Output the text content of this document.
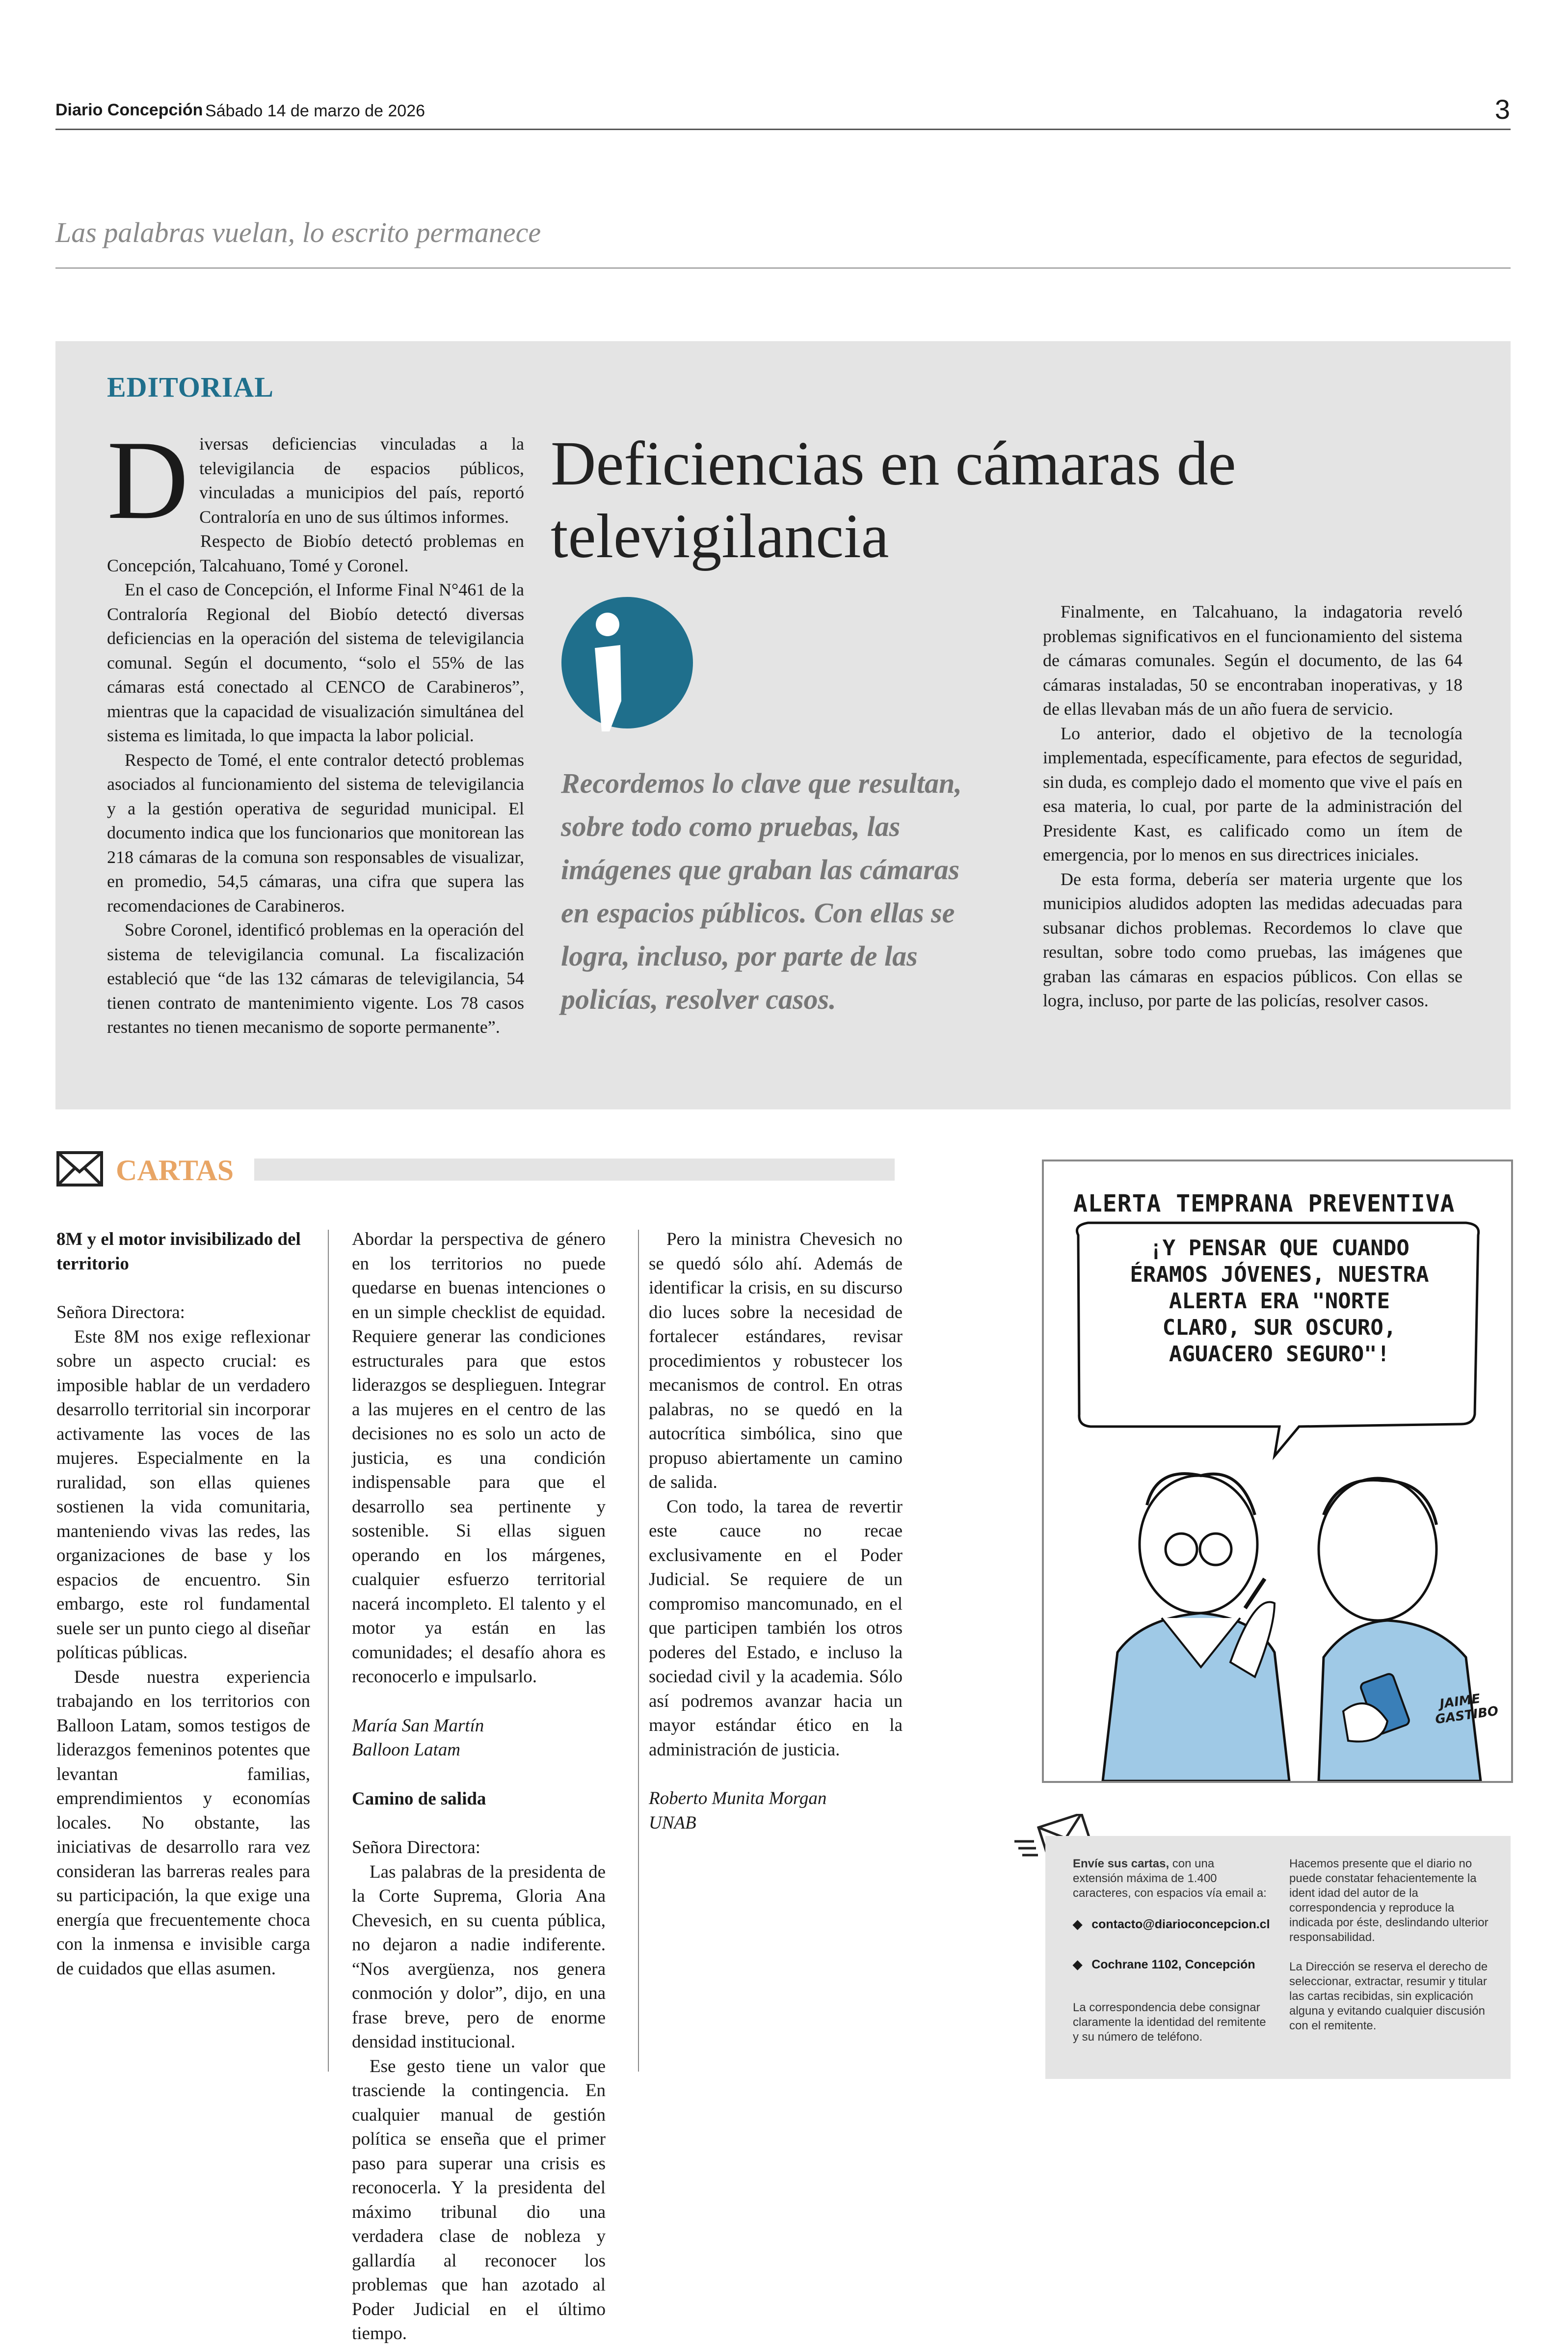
Diario Concepción Sábado 14 de marzo de 2026	3
Las palabras vuelan, lo escrito permanece
EDITORIAL

Diversas deficiencias vinculadas a la televigilancia de espacios públicos, vinculadas a municipios del país, reportó Contraloría en uno de sus últimos informes.

Respecto de Biobío detectó problemas en Concepción, Talcahuano, Tomé y Coronel.

En el caso de Concepción, el Informe Final N°461 de la Contraloría Regional del Biobío detectó diversas deficiencias en la operación del sistema de televigilancia comunal. Según el documento, “solo el 55% de las cámaras está conectado al CENCO de Carabineros”, mientras que la capacidad de visualización simultánea del sistema es limitada, lo que impacta la labor policial.

Respecto de Tomé, el ente contralor detectó problemas asociados al funcionamiento del sistema de televigilancia y a la gestión operativa de seguridad municipal. El documento indica que los funcionarios que monitorean las 218 cámaras de la comuna son responsables de visualizar, en promedio, 54,5 cámaras, una cifra que supera las recomendaciones de Carabineros.

Sobre Coronel, identificó problemas en la operación del sistema de televigilancia comunal. La fiscalización estableció que “de las 132 cámaras de televigilancia, 54 tienen contrato de mantenimiento vigente. Los 78 casos restantes no tienen mecanismo de soporte permanente”.

Deficiencias en cámaras de televigilancia
Recordemos lo clave que resultan, sobre todo como pruebas, las imágenes que graban las cámaras en espacios públicos. Con ellas se logra, incluso, por parte de las policías, resolver casos.

Finalmente, en Talcahuano, la indagatoria reveló problemas significativos en el funcionamiento del sistema de cámaras comunales. Según el documento, de las 64 cámaras instaladas, 50 se encontraban inoperativas, y 18 de ellas llevaban más de un año fuera de servicio.

Lo anterior, dado el objetivo de la tecnología implementada, específicamente, para efectos de seguridad, sin duda, es complejo dado el momento que vive el país en esa materia, lo cual, por parte de la administración del Presidente Kast, es calificado como un ítem de emergencia, por lo menos en sus directrices iniciales.

De esta forma, debería ser materia urgente que los municipios aludidos adopten las medidas adecuadas para subsanar dichos problemas. Recordemos lo clave que resultan, sobre todo como pruebas, las imágenes que graban las cámaras en espacios públicos. Con ellas se logra, incluso, por parte de las policías, resolver casos.

CARTAS

8M y el motor invisibilizado del territorio

Señora Directora:

Este 8M nos exige reflexionar sobre un aspecto crucial: es imposible hablar de un verdadero desarrollo territorial sin incorporar activamente las voces de las mujeres. Especialmente en la ruralidad, son ellas quienes sostienen la vida comunitaria, manteniendo vivas las redes, las organizaciones de base y los espacios de encuentro. Sin embargo, este rol fundamental suele ser un punto ciego al diseñar políticas públicas.

Desde nuestra experiencia trabajando en los territorios con Balloon Latam, somos testigos de liderazgos femeninos potentes que levantan familias, emprendimientos y economías locales. No obstante, las iniciativas de desarrollo rara vez consideran las barreras reales para su participación, la que exige una energía que frecuentemente choca con la inmensa e invisible carga de cuidados que ellas asumen.

Abordar la perspectiva de género en los territorios no puede quedarse en buenas intenciones o en un simple checklist de equidad. Requiere generar las condiciones estructurales para que estos liderazgos se desplieguen. Integrar a las mujeres en el centro de las decisiones no es solo un acto de justicia, es una condición indispensable para que el desarrollo sea pertinente y sostenible. Si ellas siguen operando en los márgenes, cualquier esfuerzo territorial nacerá incompleto. El talento y el motor ya están en las comunidades; el desafío ahora es reconocerlo e impulsarlo.

María San Martín

Balloon Latam

Camino de salida

Señora Directora:

Las palabras de la presidenta de la Corte Suprema, Gloria Ana Chevesich, en su cuenta pública, no dejaron a nadie indiferente. “Nos avergüenza, nos genera conmoción y dolor”, dijo, en una frase breve, pero de enorme densidad institucional.

Ese gesto tiene un valor que trasciende la contingencia. En cualquier manual de gestión política se enseña que el primer paso para superar una crisis es reconocerla. Y la presidenta del máximo tribunal dio una verdadera clase de nobleza y gallardía al reconocer los problemas que han azotado al Poder Judicial en el último tiempo.

Pero la ministra Chevesich no se quedó sólo ahí. Además de identificar la crisis, en su discurso dio luces sobre la necesidad de fortalecer estándares, revisar procedimientos y robustecer los mecanismos de control. En otras palabras, no se quedó en la autocrítica simbólica, sino que propuso abiertamente un camino de salida.

Con todo, la tarea de revertir este cauce no recae exclusivamente en el Poder Judicial. Se requiere de un compromiso mancomunado, en el que participen también los otros poderes del Estado, e incluso la sociedad civil y la academia. Sólo así podremos avanzar hacia un mayor estándar ético en la administración de justicia.

Roberto Munita Morgan

UNAB

ALERTA TEMPRANA PREVENTIVA
¡Y PENSAR QUE CUANDO ÉRAMOS JÓVENES, NUESTRA ALERTA ERA "NORTE CLARO, SUR OSCURO, AGUACERO SEGURO"!
JAIME GASTIBO
Envíe sus cartas, con una extensión máxima de 1.400 caracteres, con espacios vía email a:
◆ contacto@diarioconcepcion.cl
◆ Cochrane 1102, Concepción
La correspondencia debe consignar claramente la identidad del remitente y su número de teléfono.
Hacemos presente que el diario no puede constatar fehacientemente la ident idad del autor de la correspondencia y reproduce la indicada por éste, deslindando ulterior responsabilidad.
La Dirección se reserva el derecho de seleccionar, extractar, resumir y titular las cartas recibidas, sin explicación alguna y evitando cualquier discusión con el remitente.
